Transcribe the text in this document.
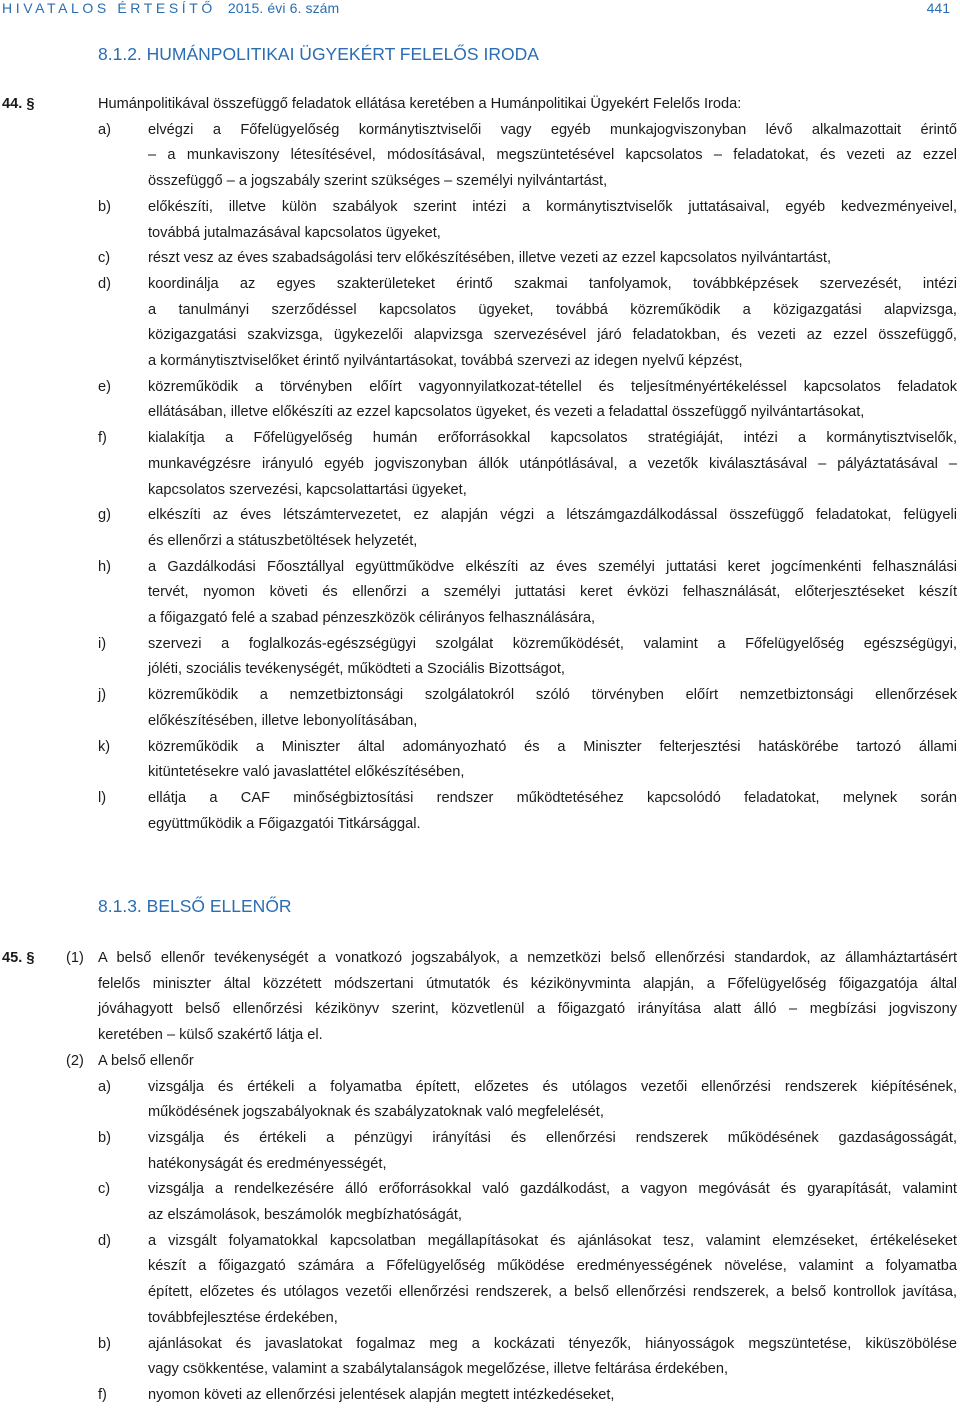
HIVATALOS ÉRTESÍTŐ 2015. évi 6. szám	441
8.1.2. HUMÁNPOLITIKAI ÜGYEKÉRT FELELŐS IRODA
44. §	Humánpolitikával összefüggő feladatok ellátása keretében a Humánpolitikai Ügyekért Felelős Iroda:
a)	elvégzi a Főfelügyelőség kormánytisztviselői vagy egyéb munkajogviszonyban lévő alkalmazottait érintő
– a munkaviszony létesítésével, módosításával, megszüntetésével kapcsolatos – feladatokat, és vezeti az ezzel
összefüggő – a jogszabály szerint szükséges – személyi nyilvántartást,
b)	előkészíti, illetve külön szabályok szerint intézi a kormánytisztviselők juttatásaival, egyéb kedvezményeivel,
továbbá jutalmazásával kapcsolatos ügyeket,
c)	részt vesz az éves szabadságolási terv előkészítésében, illetve vezeti az ezzel kapcsolatos nyilvántartást,
d)	koordinálja az egyes szakterületeket érintő szakmai tanfolyamok, továbbképzések szervezését, intézi
a tanulmányi szerződéssel kapcsolatos ügyeket, továbbá közreműködik a közigazgatási alapvizsga,
közigazgatási szakvizsga, ügykezelői alapvizsga szervezésével járó feladatokban, és vezeti az ezzel összefüggő,
a kormánytisztviselőket érintő nyilvántartásokat, továbbá szervezi az idegen nyelvű képzést,
e)	közreműködik a törvényben előírt vagyonnyilatkozat-tétellel és teljesítményértékeléssel kapcsolatos feladatok
ellátásában, illetve előkészíti az ezzel kapcsolatos ügyeket, és vezeti a feladattal összefüggő nyilvántartásokat,
f)	kialakítja a Főfelügyelőség humán erőforrásokkal kapcsolatos stratégiáját, intézi a kormánytisztviselők,
munkavégzésre irányuló egyéb jogviszonyban állók utánpótlásával, a vezetők kiválasztásával – pályáztatásával –
kapcsolatos szervezési, kapcsolattartási ügyeket,
g)	elkészíti az éves létszámtervezetet, ez alapján végzi a létszámgazdálkodással összefüggő feladatokat, felügyeli
és ellenőrzi a státuszbetöltések helyzetét,
h)	a Gazdálkodási Főosztállyal együttműködve elkészíti az éves személyi juttatási keret jogcímenkénti felhasználási
tervét, nyomon követi és ellenőrzi a személyi juttatási keret évközi felhasználását, előterjesztéseket készít
a főigazgató felé a szabad pénzeszközök célirányos felhasználására,
i)	szervezi a foglalkozás-egészségügyi szolgálat közreműködését, valamint a Főfelügyelőség egészségügyi,
jóléti, szociális tevékenységét, működteti a Szociális Bizottságot,
j)	közreműködik a nemzetbiztonsági szolgálatokról szóló törvényben előírt nemzetbiztonsági ellenőrzések
előkészítésében, illetve lebonyolításában,
k)	közreműködik a Miniszter által adományozható és a Miniszter felterjesztési hatáskörébe tartozó állami
kitüntetésekre való javaslattétel előkészítésében,
l)	ellátja a CAF minőségbiztosítási rendszer működtetéséhez kapcsolódó feladatokat, melynek során
együttműködik a Főigazgatói Titkársággal.
8.1.3. BELSŐ ELLENŐR
45. § (1) A belső ellenőr tevékenységét a vonatkozó jogszabályok, a nemzetközi belső ellenőrzési standardok, az államháztartásért
felelős miniszter által közzétett módszertani útmutatók és kézikönyvminta alapján, a Főfelügyelőség főigazgatója által
jóváhagyott belső ellenőrzési kézikönyv szerint, közvetlenül a főigazgató irányítása alatt álló – megbízási jogviszony
keretében – külső szakértő látja el.
(2) A belső ellenőr
a)	vizsgálja és értékeli a folyamatba épített, előzetes és utólagos vezetői ellenőrzési rendszerek kiépítésének,
működésének jogszabályoknak és szabályzatoknak való megfelelését,
b)	vizsgálja és értékeli a pénzügyi irányítási és ellenőrzési rendszerek működésének gazdaságosságát,
hatékonyságát és eredményességét,
c)	vizsgálja a rendelkezésére álló erőforrásokkal való gazdálkodást, a vagyon megóvását és gyarapítását, valamint
az elszámolások, beszámolók megbízhatóságát,
d)	a vizsgált folyamatokkal kapcsolatban megállapításokat és ajánlásokat tesz, valamint elemzéseket, értékeléseket
készít a főigazgató számára a Főfelügyelőség működése eredményességének növelése, valamint a folyamatba
épített, előzetes és utólagos vezetői ellenőrzési rendszerek, a belső ellenőrzési rendszerek, a belső kontrollok javítása,
továbbfejlesztése érdekében,
b)	ajánlásokat és javaslatokat fogalmaz meg a kockázati tényezők, hiányosságok megszüntetése, kiküszöbölése
vagy csökkentése, valamint a szabálytalanságok megelőzése, illetve feltárása érdekében,
f)	nyomon követi az ellenőrzési jelentések alapján megtett intézkedéseket,
